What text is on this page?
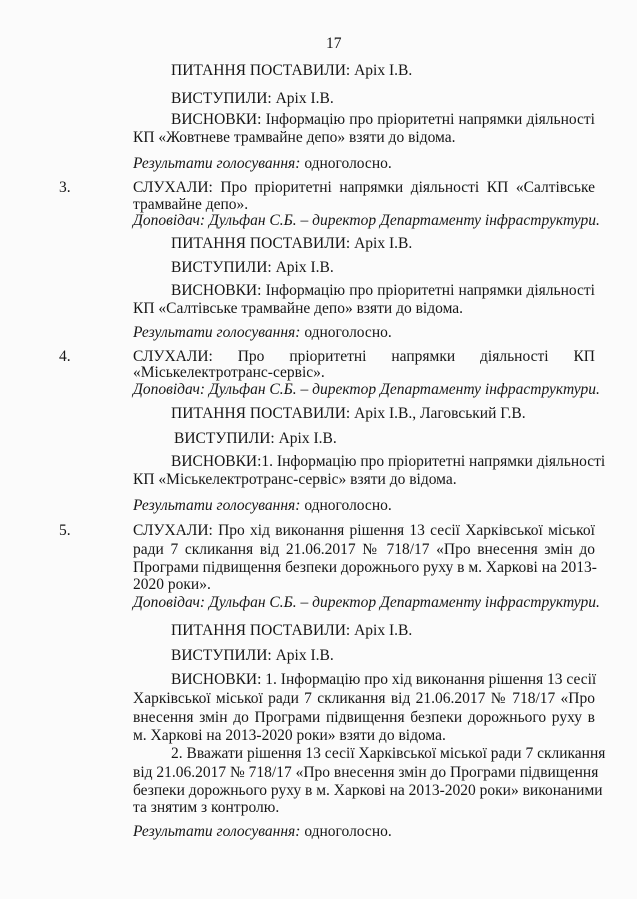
17
ПИТАННЯ ПОСТАВИЛИ: Аріх І.В.
ВИСТУПИЛИ: Аріх І.В.
ВИСНОВКИ: Інформацію про пріоритетні напрямки діяльності
КП «Жовтневе трамвайне депо» взяти до відома.
Результати голосування: одноголосно.
3.	СЛУХАЛИ: Про пріоритетні напрямки діяльності КП «Салтівське
трамвайне депо».
Доповідач: Дульфан С.Б. – директор Департаменту інфраструктури.
ПИТАННЯ ПОСТАВИЛИ: Аріх І.В.
ВИСТУПИЛИ: Аріх І.В.
ВИСНОВКИ: Інформацію про пріоритетні напрямки діяльності
КП «Салтівське трамвайне депо» взяти до відома.
Результати голосування: одноголосно.
4.	СЛУХАЛИ: Про пріоритетні напрямки діяльності КП
«Міськелектротранс-сервіс».
Доповідач: Дульфан С.Б. – директор Департаменту інфраструктури.
ПИТАННЯ ПОСТАВИЛИ: Аріх І.В., Лаговський Г.В.
ВИСТУПИЛИ: Аріх І.В.
ВИСНОВКИ:1. Інформацію про пріоритетні напрямки діяльності
КП «Міськелектротранс-сервіс» взяти до відома.
Результати голосування: одноголосно.
5.	СЛУХАЛИ: Про хід виконання рішення 13 сесії Харківської міської
ради 7 скликання від 21.06.2017 № 718/17 «Про внесення змін до
Програми підвищення безпеки дорожнього руху в м. Харкові на 2013-
2020 роки».
Доповідач: Дульфан С.Б. – директор Департаменту інфраструктури.
ПИТАННЯ ПОСТАВИЛИ: Аріх І.В.
ВИСТУПИЛИ: Аріх І.В.
ВИСНОВКИ: 1. Інформацію про хід виконання рішення 13 сесії
Харківської міської ради 7 скликання від 21.06.2017 № 718/17 «Про
внесення змін до Програми підвищення безпеки дорожнього руху в
м. Харкові на 2013-2020 роки» взяти до відома.
2. Вважати рішення 13 сесії Харківської міської ради 7 скликання
від 21.06.2017 № 718/17 «Про внесення змін до Програми підвищення
безпеки дорожнього руху в м. Харкові на 2013-2020 роки» виконаними
та знятим з контролю.
Результати голосування: одноголосно.
